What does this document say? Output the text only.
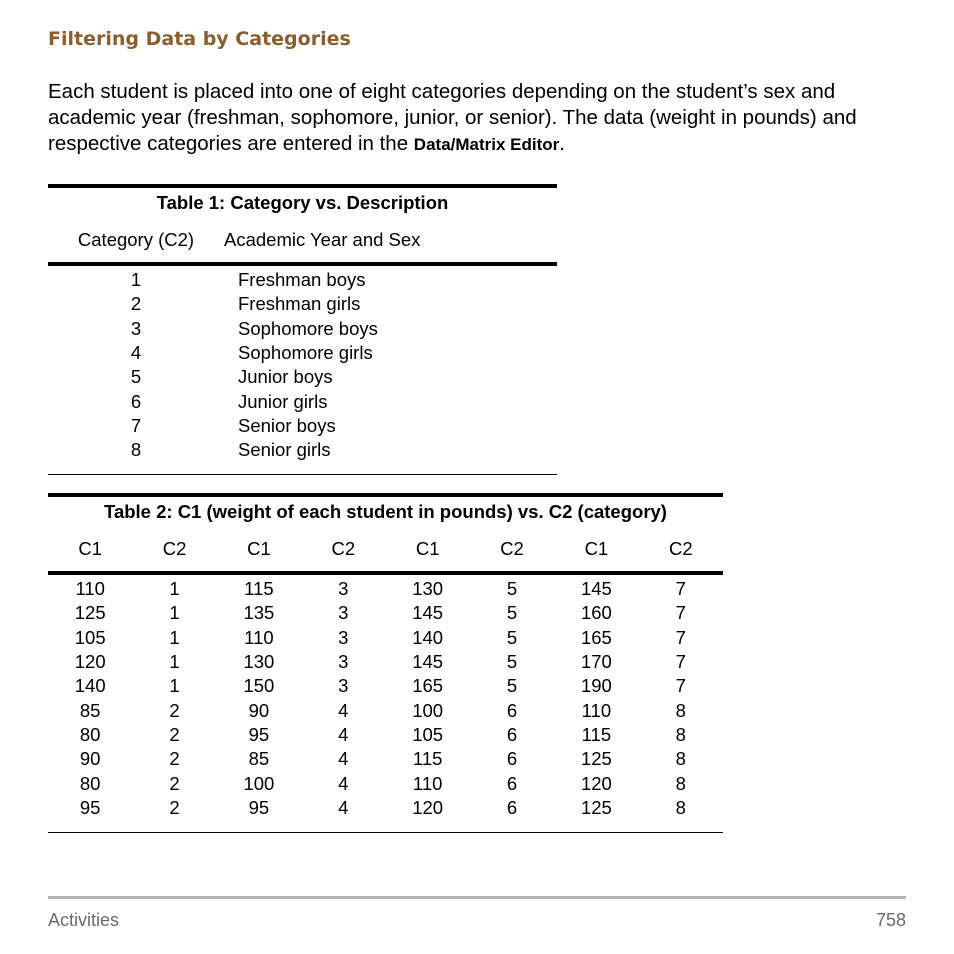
Filtering Data by Categories

Each student is placed into one of eight categories depending on the student’s sex and academic year (freshman, sophomore, junior, or senior). The data (weight in pounds) and respective categories are entered in the Data/Matrix Editor.

Table 1: Category vs. Description
Category (C2)	Academic Year and Sex
1	Freshman boys
2	Freshman girls
3	Sophomore boys
4	Sophomore girls
5	Junior boys
6	Junior girls
7	Senior boys
8	Senior girls

Table 2: C1 (weight of each student in pounds) vs. C2 (category)
C1	C2	C1	C2	C1	C2	C1	C2
110	1	115	3	130	5	145	7
125	1	135	3	145	5	160	7
105	1	110	3	140	5	165	7
120	1	130	3	145	5	170	7
140	1	150	3	165	5	190	7
85	2	90	4	100	6	110	8
80	2	95	4	105	6	115	8
90	2	85	4	115	6	125	8
80	2	100	4	110	6	120	8
95	2	95	4	120	6	125	8

Activities	758
